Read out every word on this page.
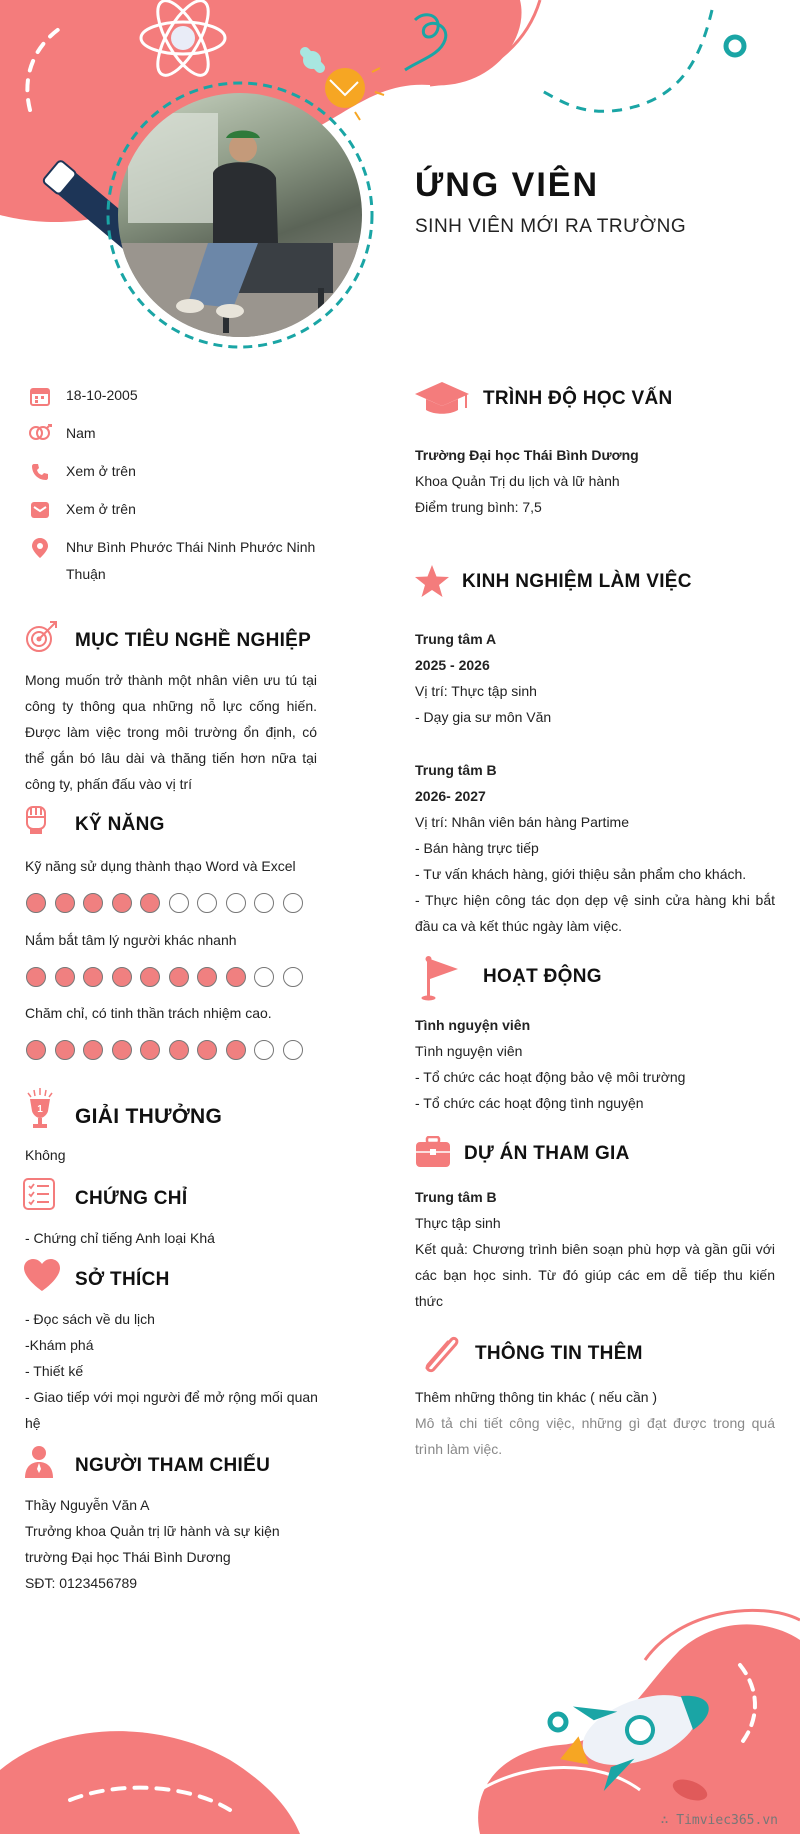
ỨNG VIÊN
SINH VIÊN MỚI RA TRƯỜNG
18-10-2005
Nam
Xem ở trên
Xem ở trên
Như Bình Phước Thái Ninh Phước Ninh Thuận
MỤC TIÊU NGHỀ NGHIỆP
Mong muốn trở thành một nhân viên ưu tú tại công ty thông qua những nỗ lực cống hiến. Được làm việc trong môi trường ổn định, có thể gắn bó lâu dài và thăng tiến hơn nữa tại công ty, phấn đấu vào vị trí
KỸ NĂNG
Kỹ năng sử dụng thành thạo Word và Excel
Nắm bắt tâm lý người khác nhanh
Chăm chỉ, có tinh thần trách nhiệm cao.
1 GIẢI THƯỞNG
Không
CHỨNG CHỈ
- Chứng chỉ tiếng Anh loại Khá
SỞ THÍCH

- Đọc sách về du lịch

-Khám phá

- Thiết kế

- Giao tiếp với mọi người để mở rộng mối quan hệ

NGƯỜI THAM CHIẾU

Thầy Nguyễn Văn A

Trưởng khoa Quản trị lữ hành và sự kiện trường Đại học Thái Bình Dương

SĐT: 0123456789

TRÌNH ĐỘ HỌC VẤN

Trường Đại học Thái Bình Dương

Khoa Quản Trị du lịch và lữ hành

Điểm trung bình: 7,5

KINH NGHIỆM LÀM VIỆC

Trung tâm A

2025 - 2026

Vị trí: Thực tập sinh

- Dạy gia sư môn Văn

Trung tâm B

2026- 2027

Vị trí: Nhân viên bán hàng Partime

- Bán hàng trực tiếp

- Tư vấn khách hàng, giới thiệu sản phẩm cho khách.

- Thực hiện công tác dọn dẹp vệ sinh cửa hàng khi bắt đầu ca và kết thúc ngày làm việc.

HOẠT ĐỘNG

Tình nguyện viên

Tình nguyện viên

- Tổ chức các hoạt động bảo vệ môi trường

- Tổ chức các hoạt động tình nguyện

DỰ ÁN THAM GIA

Trung tâm B

Thực tập sinh

Kết quả: Chương trình biên soạn phù hợp và gần gũi với các bạn học sinh. Từ đó giúp các em dễ tiếp thu kiến thức

THÔNG TIN THÊM

Thêm những thông tin khác ( nếu cần )

Mô tả chi tiết công việc, những gì đạt được trong quá trình làm việc.

∴ Timviec365.vn
